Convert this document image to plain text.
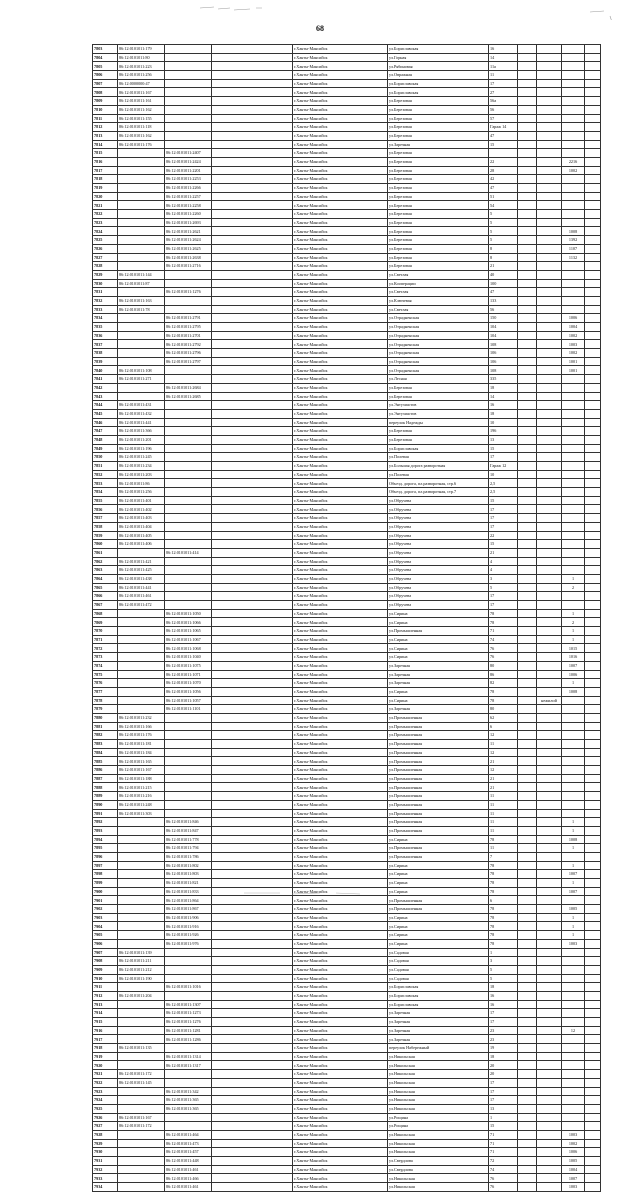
68
7803	86:12:0101011:179			г.Ханты-Мансийск	ул.Бориславская	16				
7804	86:12:0101011:80			г.Ханты-Мансийск	ул.Горная	14				
7805	86:12:0101011:223			г.Ханты-Мансийск	ул.Рябиновая	11а				
7806	86:12:0101011:256			г.Ханты-Мансийск	ул.Овражная	11				
7807	86:12:0000000:47			г.Ханты-Мансийск	ул.Бориславская	17				
7808	86:12:0101011:167			г.Ханты-Мансийск	ул.Бориславская	27				
7809	86:12:0101011:161			г.Ханты-Мансийск	ул.Березовая	56а				
7810	86:12:0101011:162			г.Ханты-Мансийск	ул.Березовая	56				
7811	86:12:0101011:155			г.Ханты-Мансийск	ул.Березовая	57				
7812	86:12:0101011:118			г.Ханты-Мансийск	ул.Березовая	Гараж 14				
7813	86:12:0101011:162			г.Ханты-Мансийск	ул.Березовая	47				
7814	86:12:0101011:176			г.Ханты-Мансийск	ул.Заречная	15				
7815		86:12:0101011:2407		г.Ханты-Мансийск	ул.Березовая					
7816		86:12:0101011:2424		г.Ханты-Мансийск	ул.Березовая	22			2216	
7817		86:12:0101011:2201		г.Ханты-Мансийск	ул.Березовая	28			1002	
7818		86:12:0101011:2253		г.Ханты-Мансийск	ул.Березовая	42				
7819		86:12:0101011:2266		г.Ханты-Мансийск	ул.Березовая	47				
7820		86:12:0101011:2257		г.Ханты-Мансийск	ул.Березовая	51				
7821		86:12:0101011:2258		г.Ханты-Мансийск	ул.Березовая	54				
7822		86:12:0101011:2260		г.Ханты-Мансийск	ул.Березовая	5				
7823		86:12:0101011:2693		г.Ханты-Мансийск	ул.Березовая	5				
7824		86:12:0101011:2621		г.Ханты-Мансийск	ул.Березовая	5			1008	
7825		86:12:0101011:2624		г.Ханты-Мансийск	ул.Березовая	5			1392	
7826		86:12:0101011:2625		г.Ханты-Мансийск	ул.Березовая	8			1107	
7827		86:12:0101011:2638		г.Ханты-Мансийск	ул.Березовая	8			1132	
7828		86:12:0101011:2716		г.Ханты-Мансийск	ул.Березовая	21				
7829	86:12:0101011:144			г.Ханты-Мансийск	ул.Светлая	40				
7830	86:12:0101011:87			г.Ханты-Мансийск	ул.Кооперации	100				
7831		86:12:0101011:1276		г.Ханты-Мансийск	ул.Светлая	47				
7832	86:12:0101011:163			г.Ханты-Мансийск	ул.Ключевая	133				
7833	86:12:0101011:78			г.Ханты-Мансийск	ул.Светлая	56				
7834		86:12:0101011:2791		г.Ханты-Мансийск	ул.Отрадненская	150			1006	
7835		86:12:0101011:2795		г.Ханты-Мансийск	ул.Отрадненская	104			1004	
7836		86:12:0101011:2701		г.Ханты-Мансийск	ул.Отрадненская	104			1002	
7837		86:12:0101011:2792		г.Ханты-Мансийск	ул.Отрадненская	108			1003	
7838		86:12:0101011:2796		г.Ханты-Мансийск	ул.Отрадненская	106			1002	
7839		86:12:0101011:2797		г.Ханты-Мансийск	ул.Отрадненская	106			1001	
7840	86:12:0101011:108			г.Ханты-Мансийск	ул.Отрадненская	108			1001	
7841	86:12:0101011:271			г.Ханты-Мансийск	ул.Лесная	335				
7842		86:12:0101011:2684		г.Ханты-Мансийск	ул.Березовая	18				
7843		86:12:0101011:2685		г.Ханты-Мансийск	ул.Березовая	14				
7844	86:12:0101011:431			г.Ханты-Мансийск	ул.Энтузиастов	16				
7845	86:12:0101011:432			г.Ханты-Мансийск	ул.Энтузиастов	18				
7846	86:12:0101011:441			г.Ханты-Мансийск	переулок Надежды	10				
7847	86:12:0101011:366			г.Ханты-Мансийск	ул.Березовая	196				
7848	86:12:0101011:201			г.Ханты-Мансийск	ул.Березовая	13				
7849	86:12:0101011:196			г.Ханты-Мансийск	ул.Бориславская	15				
7850	86:12:0101011:245			г.Ханты-Мансийск	ул.Полевая	17				
7851	86:12:0101011:234			г.Ханты-Мансийск	ул.Большая дорога разворотная	Гараж 12				
7852	86:12:0101011:203			г.Ханты-Мансийск	ул.Полевая	10				
7853	86:12:0101011:86			г.Ханты-Мансийск	Объезд. дорога, пл.разворотная, стр.6	2,5				
7854	86:12:0101011:256			г.Ханты-Мансийск	Объезд. дорога, пл.разворотная, стр.7	2,5				
7855	86:12:0101011:401			г.Ханты-Мансийск	ул.Обручева	15				
7856	86:12:0101011:402			г.Ханты-Мансийск	ул.Обручева	17				
7857	86:12:0101011:403			г.Ханты-Мансийск	ул.Обручева	17				
7858	86:12:0101011:404			г.Ханты-Мансийск	ул.Обручева	17				
7859	86:12:0101011:405			г.Ханты-Мансийск	ул.Обручева	22				
7860	86:12:0101011:406			г.Ханты-Мансийск	ул.Обручева	15				
7861		86:12:0101011:414		г.Ханты-Мансийск	ул.Обручева	21				
7862	86:12:0101011:421			г.Ханты-Мансийск	ул.Обручева	4				
7863	86:12:0101011:425			г.Ханты-Мансийск	ул.Обручева	4				
7864	86:12:0101011:438			г.Ханты-Мансийск	ул.Обручева	3			1	
7865	86:12:0101011:441			г.Ханты-Мансийск	ул.Обручева	5			2	
7866	86:12:0101011:461			г.Ханты-Мансийск	ул.Обручева	17				
7867	86:12:0101011:472			г.Ханты-Мансийск	ул.Обручева	17				
7868		86:12:0101011:1050		г.Ханты-Мансийск	ул.Сирина	78			1	
7869		86:12:0101011:1066		г.Ханты-Мансийск	ул.Сирина	78			2	
7870		86:12:0101011:1065		г.Ханты-Мансийск	ул.Промышленная	71			1	
7871		86:12:0101011:1067		г.Ханты-Мансийск	ул.Сирина	74			1	
7872		86:12:0101011:1068		г.Ханты-Мансийск	ул.Сирина	76			1015	
7873		86:12:0101011:1040		г.Ханты-Мансийск	ул.Сирина	76			1016	
7874		86:12:0101011:1075		г.Ханты-Мансийск	ул.Заречная	80			1007	
7875		86:12:0101011:1071		г.Ханты-Мансийск	ул.Заречная	86			1006	
7876		86:12:0101011:1070		г.Ханты-Мансийск	ул.Заречная	82			1	
7877		86:12:0101011:1056		г.Ханты-Мансийск	ул.Сирина	78			1008	
7878		86:12:0101011:1057		г.Ханты-Мансийск	ул.Сирина	78		нежилой		
7879		86:12:0101011:1101		г.Ханты-Мансийск	ул.Заречная	80				
7880	86:12:0101011:232			г.Ханты-Мансийск	ул.Промышленная	62				
7881	86:12:0101011:166			г.Ханты-Мансийск	ул.Промышленная	6				
7882	86:12:0101011:176			г.Ханты-Мансийск	ул.Промышленная	12				
7883	86:12:0101011:181			г.Ханты-Мансийск	ул.Промышленная	11				
7884	86:12:0101011:184			г.Ханты-Мансийск	ул.Промышленная	12				
7885	86:12:0101011:165			г.Ханты-Мансийск	ул.Промышленная	21				
7886	86:12:0101011:167			г.Ханты-Мансийск	ул.Промышленная	12				
7887	86:12:0101011:188			г.Ханты-Мансийск	ул.Промышленная	21				
7888	86:12:0101011:215			г.Ханты-Мансийск	ул.Промышленная	21				
7889	86:12:0101011:216			г.Ханты-Мансийск	ул.Промышленная	11				
7890	86:12:0101011:248			г.Ханты-Мансийск	ул.Промышленная	11				
7891	86:12:0101011:303			г.Ханты-Мансийск	ул.Промышленная	11				
7892		86:12:0101011:846		г.Ханты-Мансийск	ул.Промышленная	11			1	
7893		86:12:0101011:847		г.Ханты-Мансийск	ул.Промышленная	11			1	
7894		86:12:0101011:778		г.Ханты-Мансийск	ул.Сирина	78			1008	
7895		86:12:0101011:794		г.Ханты-Мансийск	ул.Промышленная	11			1	
7896		86:12:0101011:786		г.Ханты-Мансийск	ул.Промышленная	7				
7897		86:12:0101011:802		г.Ханты-Мансийск	ул.Сирина	78			1	
7898		86:12:0101011:803		г.Ханты-Мансийск	ул.Сирина	78			1007	
7899		86:12:0101011:821		г.Ханты-Мансийск	ул.Сирина	78			1	
7900		86:12:0101011:833		г.Ханты-Мансийск	ул.Сирина	78			1007	
7901		86:12:0101011:864		г.Ханты-Мансийск	ул.Промышленная	6				
7902		86:12:0101011:867		г.Ханты-Мансийск	ул.Промышленная	78			1005	
7903		86:12:0101011:906		г.Ханты-Мансийск	ул.Сирина	78			1	
7904		86:12:0101011:916		г.Ханты-Мансийск	ул.Сирина	78			1	
7905		86:12:0101011:926		г.Ханты-Мансийск	ул.Сирина	78			1	
7906		86:12:0101011:976		г.Ханты-Мансийск	ул.Сирина	78			1003	
7907	86:12:0101011:139			г.Ханты-Мансийск	ул.Садовая	1				
7908	86:12:0101011:211			г.Ханты-Мансийск	ул.Садовая	3				
7909	86:12:0101011:212			г.Ханты-Мансийск	ул.Садовая	5				
7910	86:12:0101011:190			г.Ханты-Мансийск	ул.Садовая	5				
7911		86:12:0101011:1016		г.Ханты-Мансийск	ул.Бориславская	18				
7912	86:12:0101011:204			г.Ханты-Мансийск	ул.Бориславская	16				
7913		86:12:0101011:1307		г.Ханты-Мансийск	ул.Бориславская	16				
7914		86:12:0101011:1273		г.Ханты-Мансийск	ул.Заречная	17				
7915		86:12:0101011:1276		г.Ханты-Мансийск	ул.Заречная	17				
7916		86:12:0101011:1281		г.Ханты-Мансийск	ул.Заречная	23			12	
7917		86:12:0101011:1286		г.Ханты-Мансийск	ул.Заречная	23				
7918	86:12:0101011:135			г.Ханты-Мансийск	переулок Набережный	19				
7919		86:12:0101011:1314		г.Ханты-Мансийск	ул.Никольская	18				
7920		86:12:0101011:1317		г.Ханты-Мансийск	ул.Никольская	20				
7921	86:12:0101011:172			г.Ханты-Мансийск	ул.Никольская	20				
7922	86:12:0101011:145			г.Ханты-Мансийск	ул.Никольская	17				
7923		86:12:0101011:342		г.Ханты-Мансийск	ул.Никольская	17				
7924		86:12:0101011:365		г.Ханты-Мансийск	ул.Никольская	17				
7925		86:12:0101011:365		г.Ханты-Мансийск	ул.Никольская	13				
7926	86:12:0101011:167			г.Ханты-Мансийск	ул.Рощина	1				
7927	86:12:0101011:172			г.Ханты-Мансийск	ул.Рощина	15				
7928		86:12:0101011:464		г.Ханты-Мансийск	ул.Никольская	71			1003	
7929		86:12:0101011:473		г.Ханты-Мансийск	ул.Никольская	71			1002	
7930		86:12:0101011:457		г.Ханты-Мансийск	ул.Никольская	71			1006	
7931		86:12:0101011:448		г.Ханты-Мансийск	ул.Свердлова	72			1005	
7932		86:12:0101011:461		г.Ханты-Мансийск	ул.Свердлова	74			1004	
7933		86:12:0101011:466		г.Ханты-Мансийск	ул.Никольская	76			1007	
7934		86:12:0101011:461		г.Ханты-Мансийск	ул.Никольская	76			1003	
